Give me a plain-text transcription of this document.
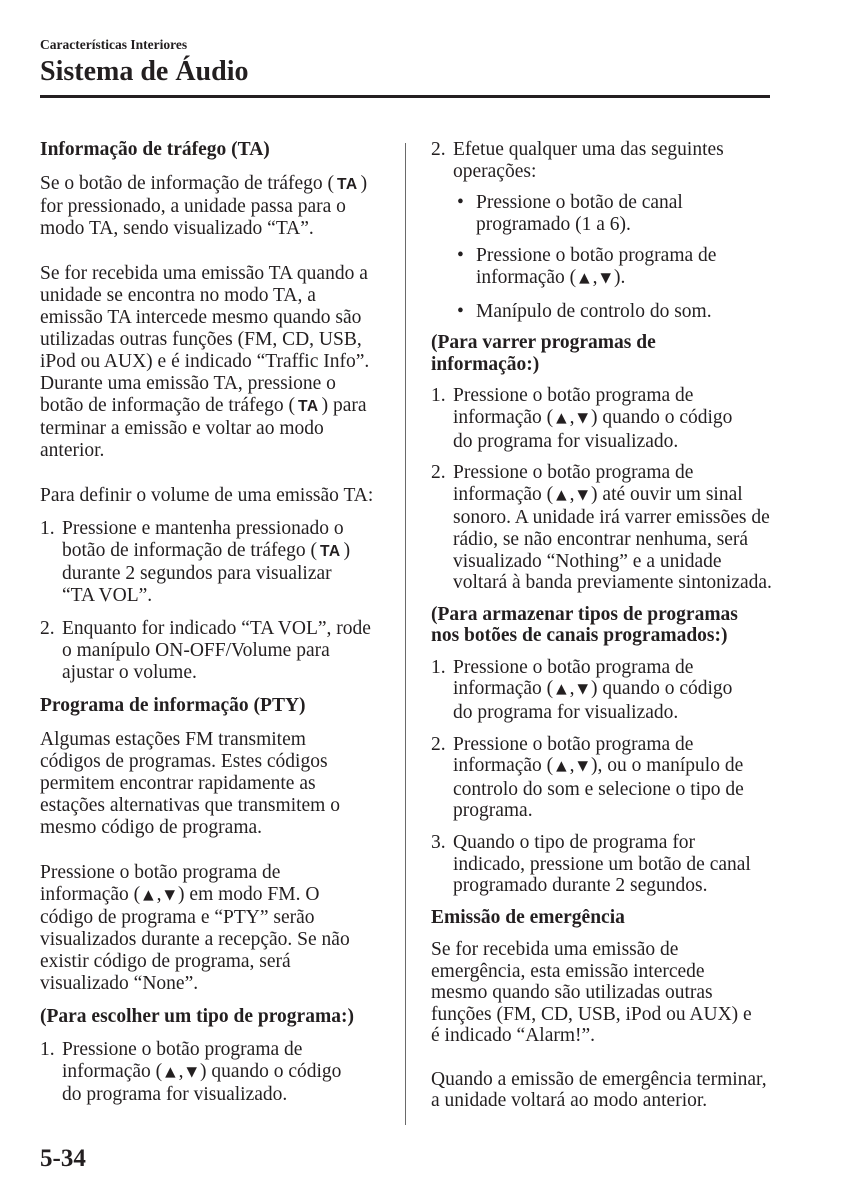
Características Interiores
Sistema de Áudio
Informação de tráfego (TA)
Se o botão de informação de tráfego ( TA )
for pressionado, a unidade passa para o
modo TA, sendo visualizado “TA”.
Se for recebida uma emissão TA quando a
unidade se encontra no modo TA, a
emissão TA intercede mesmo quando são
utilizadas outras funções (FM, CD, USB,
iPod ou AUX) e é indicado “Traffic Info”.
Durante uma emissão TA, pressione o
botão de informação de tráfego ( TA ) para
terminar a emissão e voltar ao modo
anterior.
Para definir o volume de uma emissão TA:
1. Pressione e mantenha pressionado o
botão de informação de tráfego ( TA )
durante 2 segundos para visualizar
“TA VOL”.
2. Enquanto for indicado “TA VOL”, rode
o manípulo ON-OFF/Volume para
ajustar o volume.
Programa de informação (PTY)
Algumas estações FM transmitem
códigos de programas. Estes códigos
permitem encontrar rapidamente as
estações alternativas que transmitem o
mesmo código de programa.
Pressione o botão programa de
informação ( ▲ , ▼ ) em modo FM. O
código de programa e “PTY” serão
visualizados durante a recepção. Se não
existir código de programa, será
visualizado “None”.
(Para escolher um tipo de programa:)
1. Pressione o botão programa de
informação ( ▲ , ▼ ) quando o código
do programa for visualizado.
2. Efetue qualquer uma das seguintes
operações:
• Pressione o botão de canal
programado (1 a 6).
• Pressione o botão programa de
informação ( ▲ , ▼ ).
• Manípulo de controlo do som.
(Para varrer programas de
informação:)
1. Pressione o botão programa de
informação ( ▲ , ▼ ) quando o código
do programa for visualizado.
2. Pressione o botão programa de
informação ( ▲ , ▼ ) até ouvir um sinal
sonoro. A unidade irá varrer emissões de
rádio, se não encontrar nenhuma, será
visualizado “Nothing” e a unidade
voltará à banda previamente sintonizada.
(Para armazenar tipos de programas
nos botões de canais programados:)
1. Pressione o botão programa de
informação ( ▲ , ▼ ) quando o código
do programa for visualizado.
2. Pressione o botão programa de
informação ( ▲ , ▼ ), ou o manípulo de
controlo do som e selecione o tipo de
programa.
3. Quando o tipo de programa for
indicado, pressione um botão de canal
programado durante 2 segundos.
Emissão de emergência
Se for recebida uma emissão de
emergência, esta emissão intercede
mesmo quando são utilizadas outras
funções (FM, CD, USB, iPod ou AUX) e
é indicado “Alarm!”.
Quando a emissão de emergência terminar,
a unidade voltará ao modo anterior.
5-34
